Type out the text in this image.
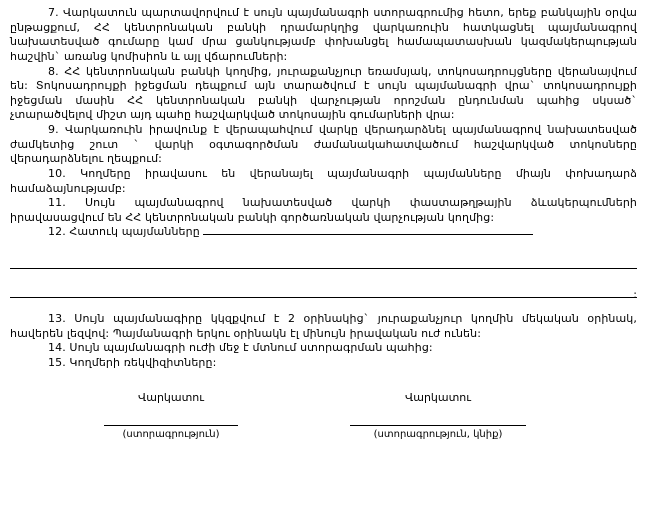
7. Վարկատուն պարտավորվում է սույն պայմանագրի ստորագրումից հետո, երեք բանկային օրվա ընթացքում, ՀՀ կենտրոնական բանկի դրամարկղից վարկառուին հատկացնել պայմանագրով նախատեսված գումարը կամ մրա ցանկությամբ փոխանցել համապատասխան կազմակերպության հաշվին` առանց կոմիսիոն և այլ վճարումների:

8. ՀՀ կենտրոնական բանկի կողմից, յուրաքանչյուր եռամսյակ, տոկոսադրույցները վերանայվում են: Տոկոսադրույքի իջեցման դեպքում այն տարածվում է սույն պայմանագրի վրա` տոկոսադրույքի իջեցման մասին ՀՀ կենտրոնական բանկի վարչության որոշման ընդունման պահից սկսած` չտարածվելով միշտ այդ պահը հաշվարկված տոկոսային գումարների վրա:

9. Վարկառուին իրավունք է վերապահվում վարկը վերադարձնել պայմանագրով նախատեսված ժամկետից շուտ ` վարկի օգտագործման ժամանակահատվածում հաշվարկված տոկոսները վերադարձնելու ղեպքում:

10. Կողմերը իրավասու են վերանայել պայմանագրի պայմանները միայն փոխադարձ համաձայնությամբ:

11. Սույն պայմանագրով նախատեսված վարկի փաստաթղթային ձևակերպումների իրավասացվում են ՀՀ կենտրոնական բանկի գործառնական վարչության կողմից:

12. Հատուկ պայմանները

:

13. Սույն պայմանագիրը կկզքվում է 2 օրինակից` յուրաքանչյուր կողմին մեկական օրինակ, հավերեն լեզվով: Պայմանագրի երկու օրինակն էլ մինույն իրավական ուժ ունեն:

14. Սույն պայմանագրի ուժի մեջ է մտնում ստորագրման պահից:

15. Կողմերի ռեկվիզիտները:

Վարկատու
(ստորագրություն)
Վարկատու
(ստորագրություն, կնիք)
